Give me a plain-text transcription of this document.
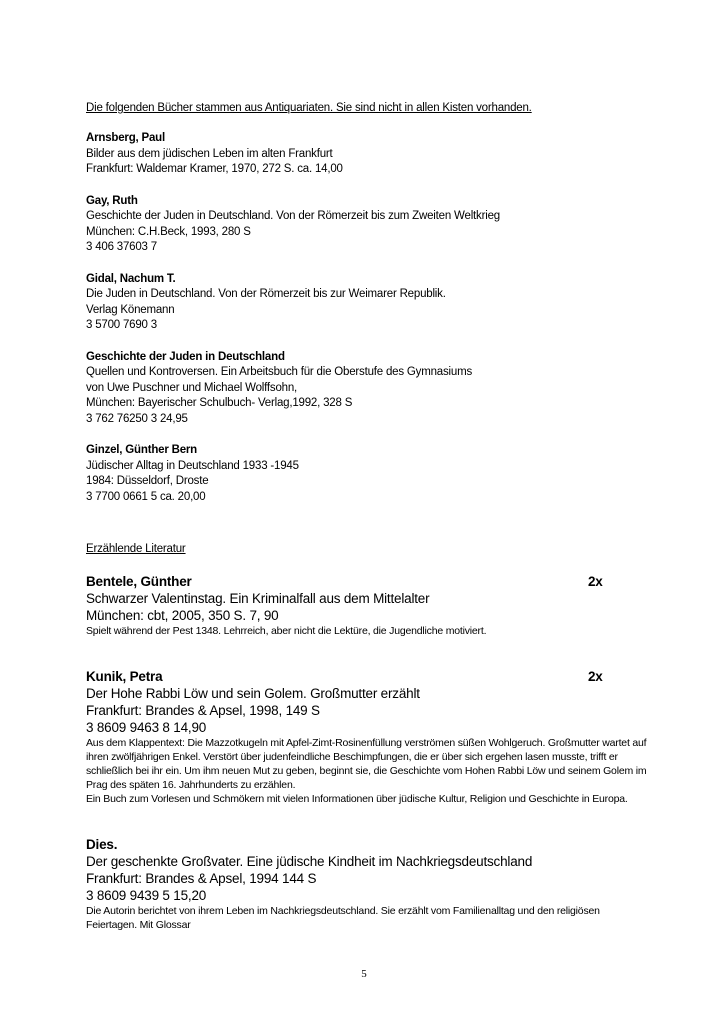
Die folgenden Bücher stammen aus Antiquariaten. Sie sind nicht in allen Kisten vorhanden.
Arnsberg, Paul
Bilder aus dem jüdischen Leben im alten Frankfurt
Frankfurt: Waldemar Kramer, 1970, 272 S. ca. 14,00
Gay, Ruth
Geschichte der Juden in Deutschland. Von der Römerzeit bis zum Zweiten Weltkrieg
München: C.H.Beck, 1993, 280 S
3 406 37603 7
Gidal, Nachum T.
Die Juden in Deutschland. Von der Römerzeit bis zur Weimarer Republik.
Verlag Könemann
3 5700 7690 3
Geschichte der Juden in Deutschland
Quellen und Kontroversen. Ein Arbeitsbuch für die Oberstufe des Gymnasiums
von Uwe Puschner und Michael Wolffsohn,
München: Bayerischer Schulbuch- Verlag,1992, 328 S
3 762 76250 3 24,95
Ginzel, Günther Bern
Jüdischer Alltag in Deutschland 1933 -1945
1984: Düsseldorf, Droste
3 7700 0661 5 ca. 20,00
Erzählende Literatur
Bentele, Günther	2x
Schwarzer Valentinstag. Ein Kriminalfall aus dem Mittelalter
München: cbt, 2005, 350 S. 7, 90
Spielt während der Pest 1348. Lehrreich, aber nicht die Lektüre, die Jugendliche motiviert.
Kunik, Petra	2x
Der Hohe Rabbi Löw und sein Golem. Großmutter erzählt
Frankfurt: Brandes & Apsel, 1998, 149 S
3 8609 9463 8 14,90
Aus dem Klappentext: Die Mazzotkugeln mit Apfel-Zimt-Rosinenfüllung verströmen süßen Wohlgeruch. Großmutter wartet auf ihren zwölfjährigen Enkel. Verstört über judenfeindliche Beschimpfungen, die er über sich ergehen lasen musste, trifft er schließlich bei ihr ein. Um ihm neuen Mut zu geben, beginnt sie, die Geschichte vom Hohen Rabbi Löw und seinem Golem im Prag des späten 16. Jahrhunderts zu erzählen.
Ein Buch zum Vorlesen und Schmökern mit vielen Informationen über jüdische Kultur, Religion und Geschichte in Europa.
Dies.
Der geschenkte Großvater. Eine jüdische Kindheit im Nachkriegsdeutschland
Frankfurt: Brandes & Apsel, 1994 144 S
3 8609 9439 5 15,20
Die Autorin berichtet von ihrem Leben im Nachkriegsdeutschland. Sie erzählt vom Familienalltag und den religiösen Feiertagen. Mit Glossar
5
